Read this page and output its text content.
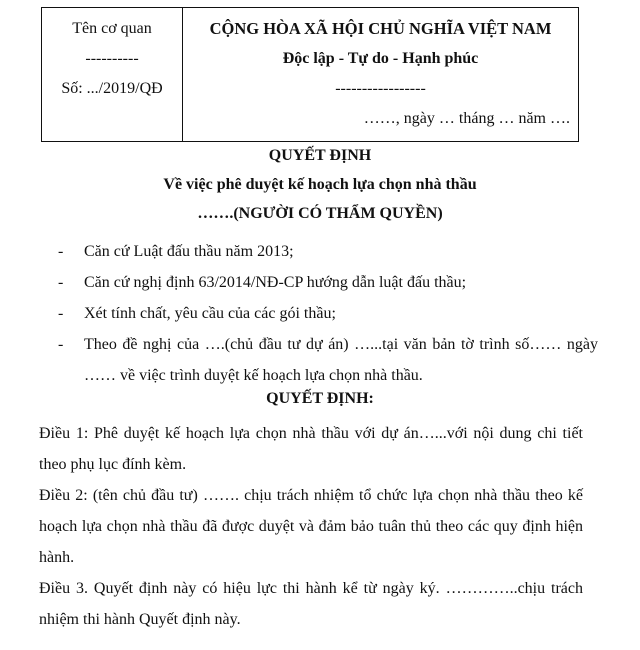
Tên cơ quan
----------
Số: .../2019/QĐ
CỘNG HÒA XÃ HỘI CHỦ NGHĨA VIỆT NAM
Độc lập - Tự do - Hạnh phúc
-----------------
……, ngày … tháng … năm ….
QUYẾT ĐỊNH
Về việc phê duyệt kế hoạch lựa chọn nhà thầu
…….(NGƯỜI CÓ THẨM QUYỀN)
-	Căn cứ Luật đấu thầu năm 2013;
-	Căn cứ nghị định 63/2014/NĐ-CP hướng dẫn luật đấu thầu;
-	Xét tính chất, yêu cầu của các gói thầu;
-	Theo đề nghị của ….(chủ đầu tư dự án) …...tại văn bản tờ trình số…… ngày …… về việc trình duyệt kế hoạch lựa chọn nhà thầu.
QUYẾT ĐỊNH:
Điều 1: Phê duyệt kế hoạch lựa chọn nhà thầu với dự án…...với nội dung chi tiết theo phụ lục đính kèm.
Điều 2: (tên chủ đầu tư) ……. chịu trách nhiệm tổ chức lựa chọn nhà thầu theo kế hoạch lựa chọn nhà thầu đã được duyệt và đảm bảo tuân thủ theo các quy định hiện hành.
Điều 3. Quyết định này có hiệu lực thi hành kể từ ngày ký. …………..chịu trách nhiệm thi hành Quyết định này.
